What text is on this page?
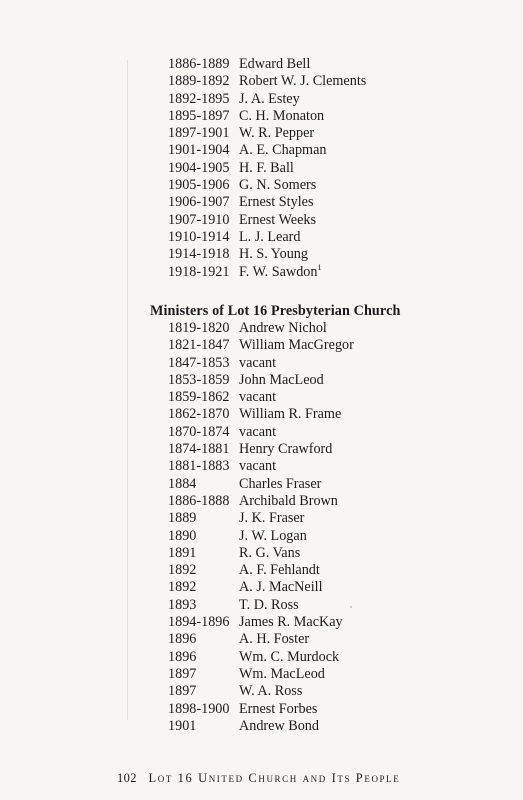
1886-1889 Edward Bell
1889-1892 Robert W. J. Clements
1892-1895 J. A. Estey
1895-1897 C. H. Monaton
1897-1901 W. R. Pepper
1901-1904 A. E. Chapman
1904-1905 H. F. Ball
1905-1906 G. N. Somers
1906-1907 Ernest Styles
1907-1910 Ernest Weeks
1910-1914 L. J. Leard
1914-1918 H. S. Young
1918-1921 F. W. Sawdon$^1$
Ministers of Lot 16 Presbyterian Church
1819-1820 Andrew Nichol
1821-1847 William MacGregor
1847-1853 vacant
1853-1859 John MacLeod
1859-1862 vacant
1862-1870 William R. Frame
1870-1874 vacant
1874-1881 Henry Crawford
1881-1883 vacant
1884	Charles Fraser
1886-1888 Archibald Brown
1889	J. K. Fraser
1890	J. W. Logan
1891	R. G. Vans
1892	A. F. Fehlandt
1892	A. J. MacNeill
1893	T. D. Ross
1894-1896 James R. MacKay
1896	A. H. Foster
1896	Wm. C. Murdock
1897	Wm. MacLeod
1897	W. A. Ross
1898-1900 Ernest Forbes
1901	Andrew Bond
102 Lot 16 United Church and Its People
